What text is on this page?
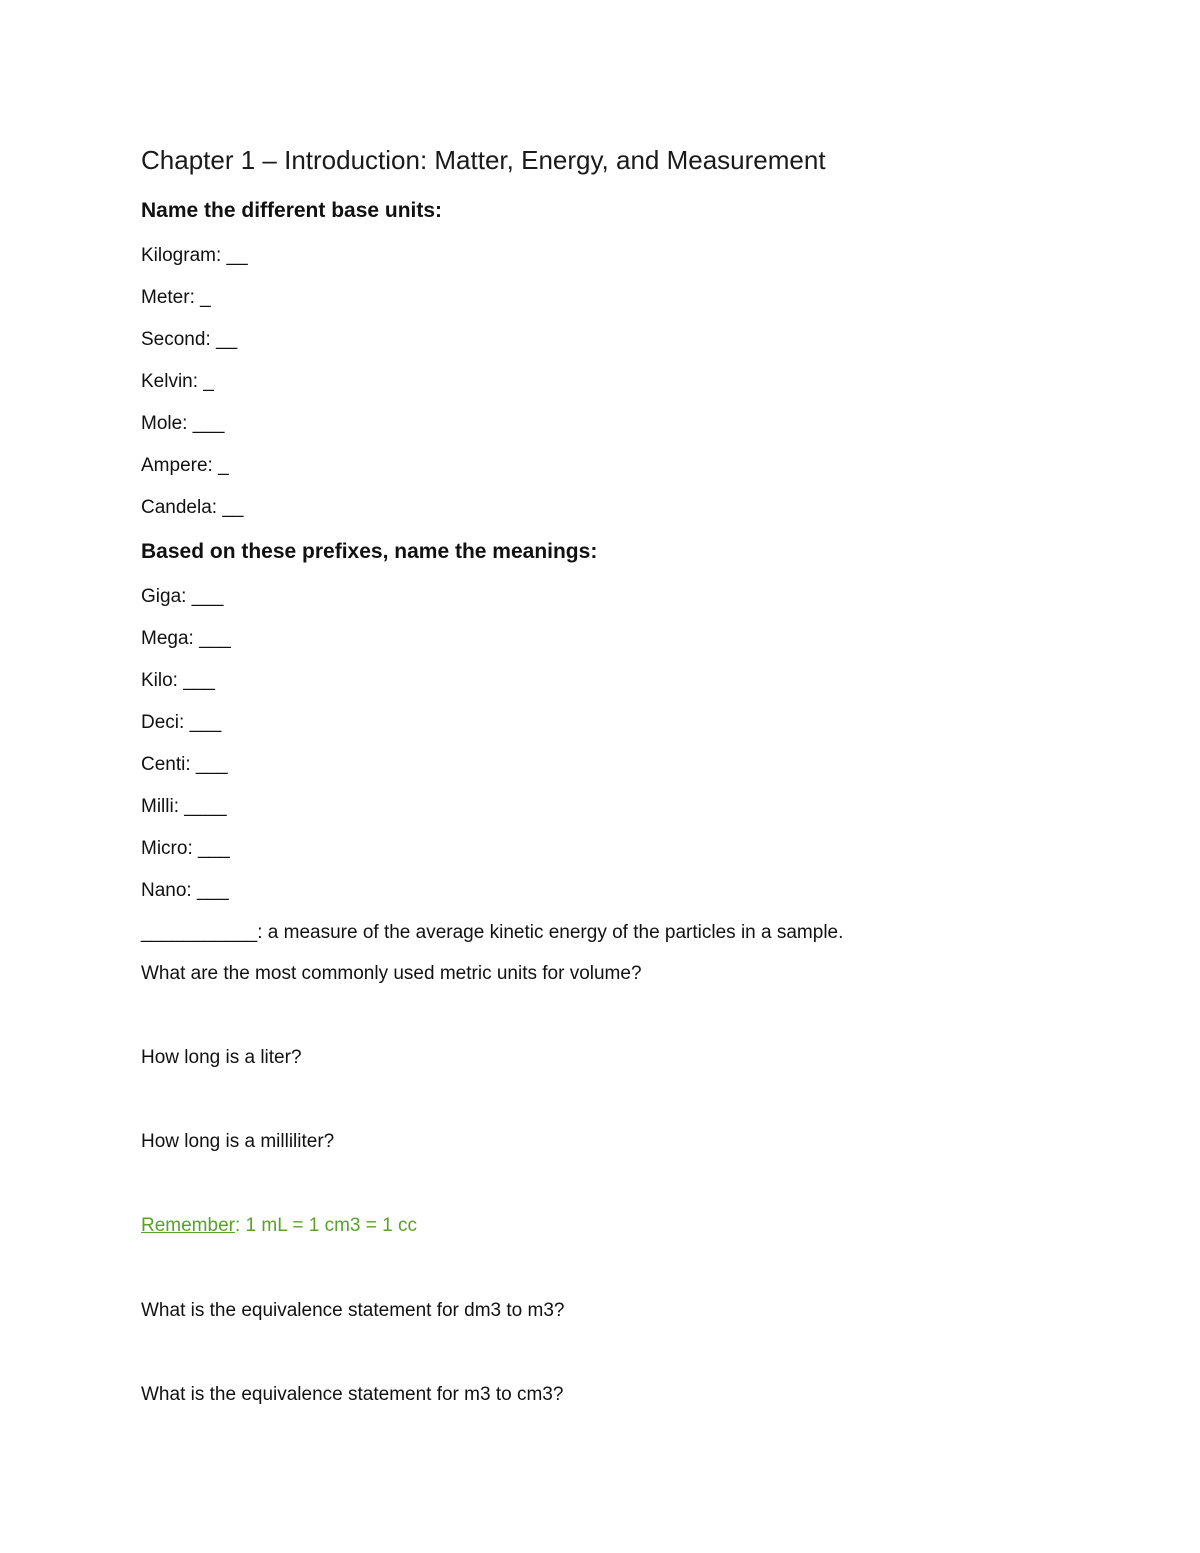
Chapter 1 – Introduction: Matter, Energy, and Measurement
Name the different base units:
Kilogram: __
Meter: _
Second: __
Kelvin: _
Mole: ___
Ampere: _
Candela: __
Based on these prefixes, name the meanings:
Giga: ___
Mega: ___
Kilo: ___
Deci: ___
Centi: ___
Milli: ____
Micro: ___
Nano: ___
___________: a measure of the average kinetic energy of the particles in a sample.
What are the most commonly used metric units for volume?
How long is a liter?
How long is a milliliter?
Remember: 1 mL = 1 cm3 = 1 cc
What is the equivalence statement for dm3 to m3?
What is the equivalence statement for m3 to cm3?
